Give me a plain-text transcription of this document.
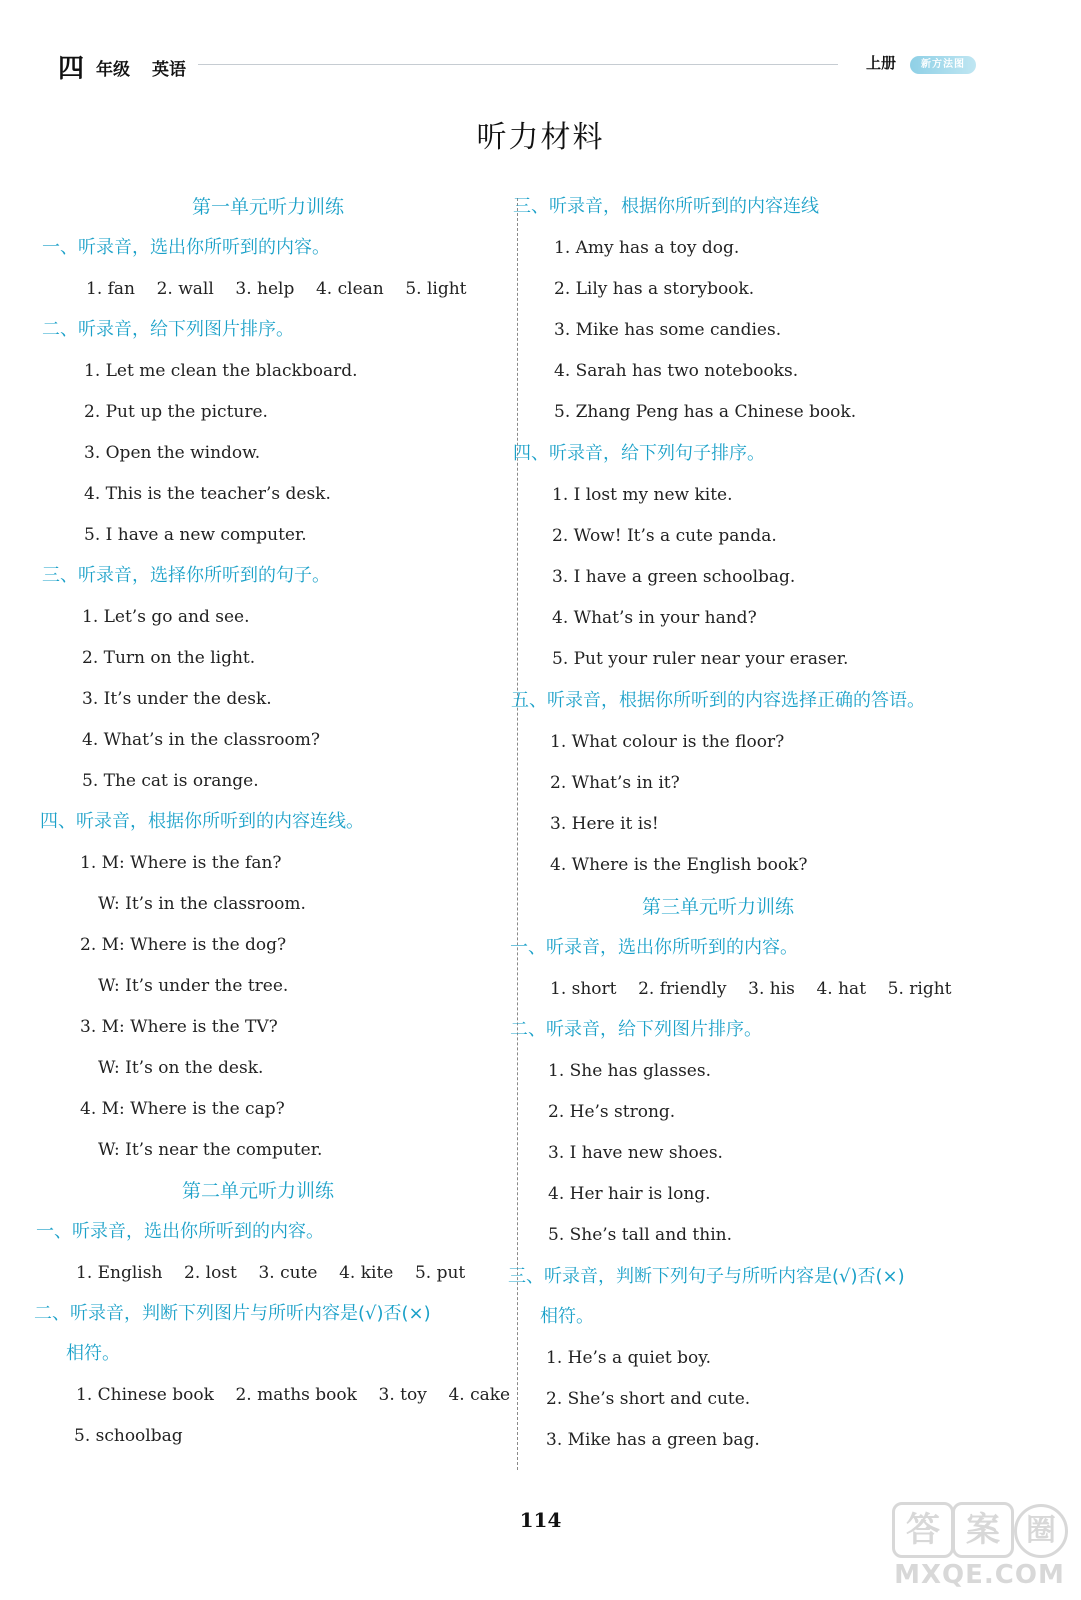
四 年级 英语	上册	新方法图
听力材料
第一单元听力训练
一、听录音，选出你所听到的内容。
1. fan    2. wall    3. help    4. clean    5. light
二、听录音，给下列图片排序。
1. Let me clean the blackboard.
2. Put up the picture.
3. Open the window.
4. This is the teacher’s desk.
5. I have a new computer.
三、听录音，选择你所听到的句子。
1. Let’s go and see.
2. Turn on the light.
3. It’s under the desk.
4. What’s in the classroom?
5. The cat is orange.
四、听录音，根据你所听到的内容连线。
1. M: Where is the fan?
W: It’s in the classroom.
2. M: Where is the dog?
W: It’s under the tree.
3. M: Where is the TV?
W: It’s on the desk.
4. M: Where is the cap?
W: It’s near the computer.
第二单元听力训练
一、听录音，选出你所听到的内容。
1. English    2. lost    3. cute    4. kite    5. put
二、听录音，判断下列图片与所听内容是(√)否(×)
相符。
1. Chinese book    2. maths book    3. toy    4. cake
5. schoolbag
三、听录音，根据你所听到的内容连线
1. Amy has a toy dog.
2. Lily has a storybook.
3. Mike has some candies.
4. Sarah has two notebooks.
5. Zhang Peng has a Chinese book.
四、听录音，给下列句子排序。
1. I lost my new kite.
2. Wow! It’s a cute panda.
3. I have a green schoolbag.
4. What’s in your hand?
5. Put your ruler near your eraser.
五、听录音，根据你所听到的内容选择正确的答语。
1. What colour is the floor?
2. What’s in it?
3. Here it is!
4. Where is the English book?
第三单元听力训练
一、听录音，选出你所听到的内容。
1. short    2. friendly    3. his    4. hat    5. right
二、听录音，给下列图片排序。
1. She has glasses.
2. He’s strong.
3. I have new shoes.
4. Her hair is long.
5. She’s tall and thin.
三、听录音，判断下列句子与所听内容是(√)否(×)
相符。
1. He’s a quiet boy.
2. She’s short and cute.
3. Mike has a green bag.
114	答 案 圈
MXQE.COM
